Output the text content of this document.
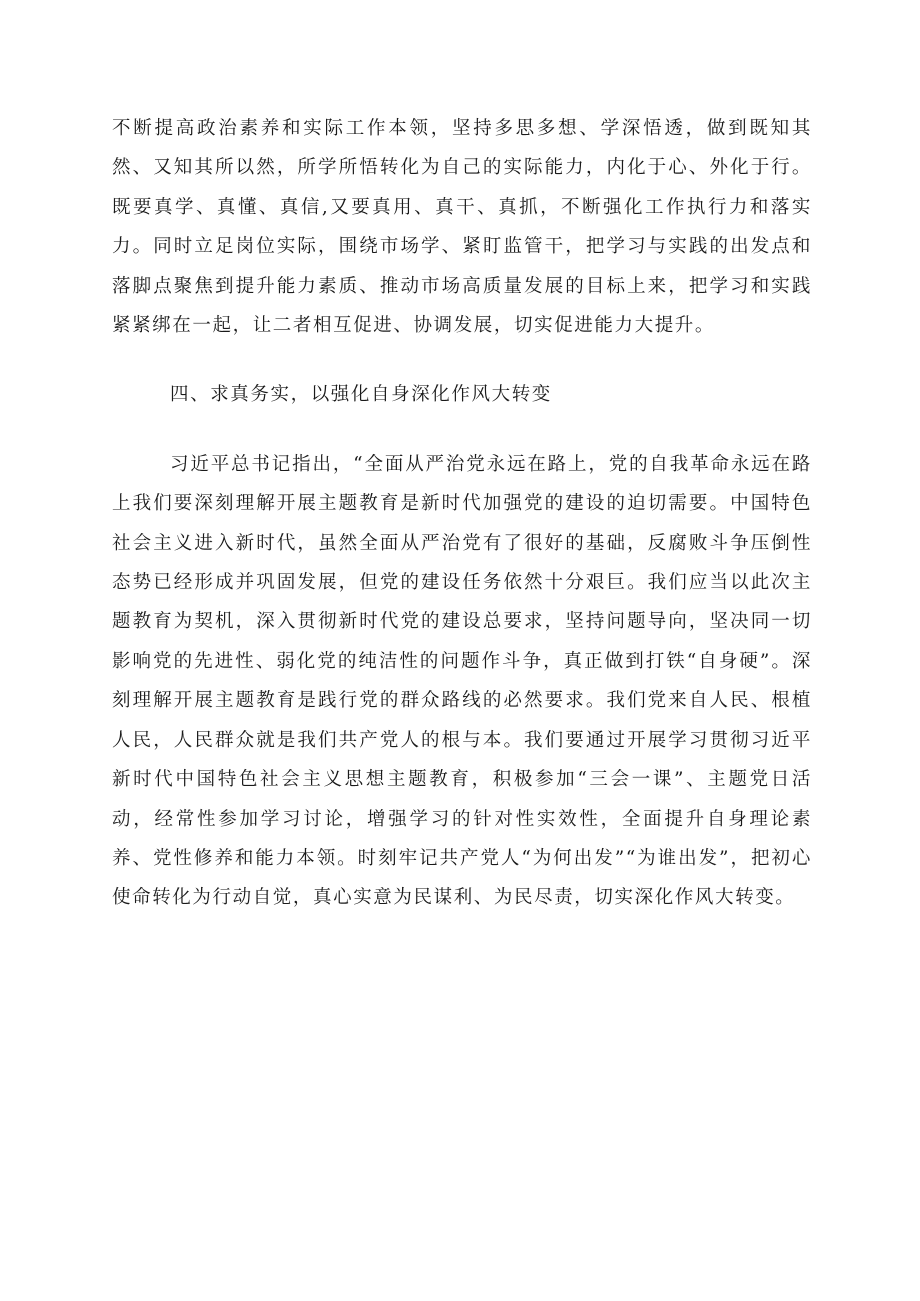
不断提高政治素养和实际工作本领，坚持多思多想、学深悟透，做到既知其然、又知其所以然，所学所悟转化为自己的实际能力，内化于心、外化于行。既要真学、真懂、真信,又要真用、真干、真抓，不断强化工作执行力和落实力。同时立足岗位实际，围绕市场学、紧盯监管干，把学习与实践的出发点和落脚点聚焦到提升能力素质、推动市场高质量发展的目标上来，把学习和实践紧紧绑在一起，让二者相互促进、协调发展，切实促进能力大提升。

四、求真务实，以强化自身深化作风大转变

习近平总书记指出，“全面从严治党永远在路上，党的自我革命永远在路上我们要深刻理解开展主题教育是新时代加强党的建设的迫切需要。中国特色社会主义进入新时代，虽然全面从严治党有了很好的基础，反腐败斗争压倒性态势已经形成并巩固发展，但党的建设任务依然十分艰巨。我们应当以此次主题教育为契机，深入贯彻新时代党的建设总要求，坚持问题导向，坚决同一切影响党的先进性、弱化党的纯洁性的问题作斗争，真正做到打铁“自身硬”。深刻理解开展主题教育是践行党的群众路线的必然要求。我们党来自人民、根植人民，人民群众就是我们共产党人的根与本。我们要通过开展学习贯彻习近平新时代中国特色社会主义思想主题教育，积极参加“三会一课”、主题党日活动，经常性参加学习讨论，增强学习的针对性实效性，全面提升自身理论素养、党性修养和能力本领。时刻牢记共产党人“为何出发”“为谁出发”，把初心使命转化为行动自觉，真心实意为民谋利、为民尽责，切实深化作风大转变。
